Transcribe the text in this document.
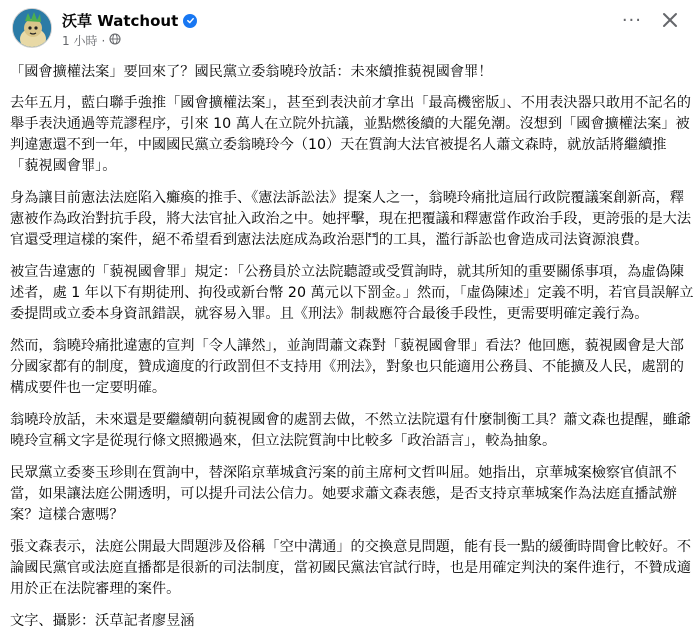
沃草 Watchout
1 小時 ·
···

「國會擴權法案」要回來了？國民黨立委翁曉玲放話：未來續推藐視國會罪！

去年五月，藍白聯手強推「國會擴權法案」，甚至到表決前才拿出「最高機密版」、不用表決器只敢用不記名的舉手表決通過等荒謬程序，引來 10 萬人在立院外抗議，並點燃後續的大罷免潮。沒想到「國會擴權法案」被判違憲還不到一年，中國國民黨立委翁曉玲今（10）天在質詢大法官被提名人蕭文森時，就放話將繼續推「藐視國會罪」。

身為讓目前憲法法庭陷入癱瘓的推手、《憲法訴訟法》提案人之一，翁曉玲痛批這屆行政院覆議案創新高，釋憲被作為政治對抗手段，將大法官扯入政治之中。她抨擊，現在把覆議和釋憲當作政治手段，更誇張的是大法官還受理這樣的案件，絕不希望看到憲法法庭成為政治惡鬥的工具，濫行訴訟也會造成司法資源浪費。

被宣告違憲的「藐視國會罪」規定：「公務員於立法院聽證或受質詢時，就其所知的重要關係事項，為虛偽陳述者，處 1 年以下有期徒刑、拘役或新台幣 20 萬元以下罰金。」然而，「虛偽陳述」定義不明，若官員誤解立委提問或立委本身資訊錯誤，就容易入罪。且《刑法》制裁應符合最後手段性，更需要明確定義行為。

然而，翁曉玲痛批違憲的宣判「令人譁然」，並詢問蕭文森對「藐視國會罪」看法？他回應，藐視國會是大部分國家都有的制度，贊成適度的行政罰但不支持用《刑法》，對象也只能適用公務員、不能擴及人民，處罰的構成要件也一定要明確。

翁曉玲放話，未來還是要繼續朝向藐視國會的處罰去做，不然立法院還有什麼制衡工具？蕭文森也提醒，雖爺曉玲宣稱文字是從現行條文照搬過來，但立法院質詢中比較多「政治語言」，較為抽象。

民眾黨立委麥玉珍則在質詢中，替深陷京華城貪污案的前主席柯文哲叫屈。她指出，京華城案檢察官偵訊不當，如果讓法庭公開透明，可以提升司法公信力。她要求蕭文森表態，是否支持京華城案作為法庭直播試辦案？這樣合憲嗎？

張文森表示，法庭公開最大問題涉及俗稱「空中溝通」的交換意見問題，能有長一點的緩衝時間會比較好。不論國民黨官或法庭直播都是很新的司法制度，當初國民黨法官試行時，也是用確定判決的案件進行，不贊成適用於正在法院審理的案件。

文字、攝影：沃草記者廖昱涵
